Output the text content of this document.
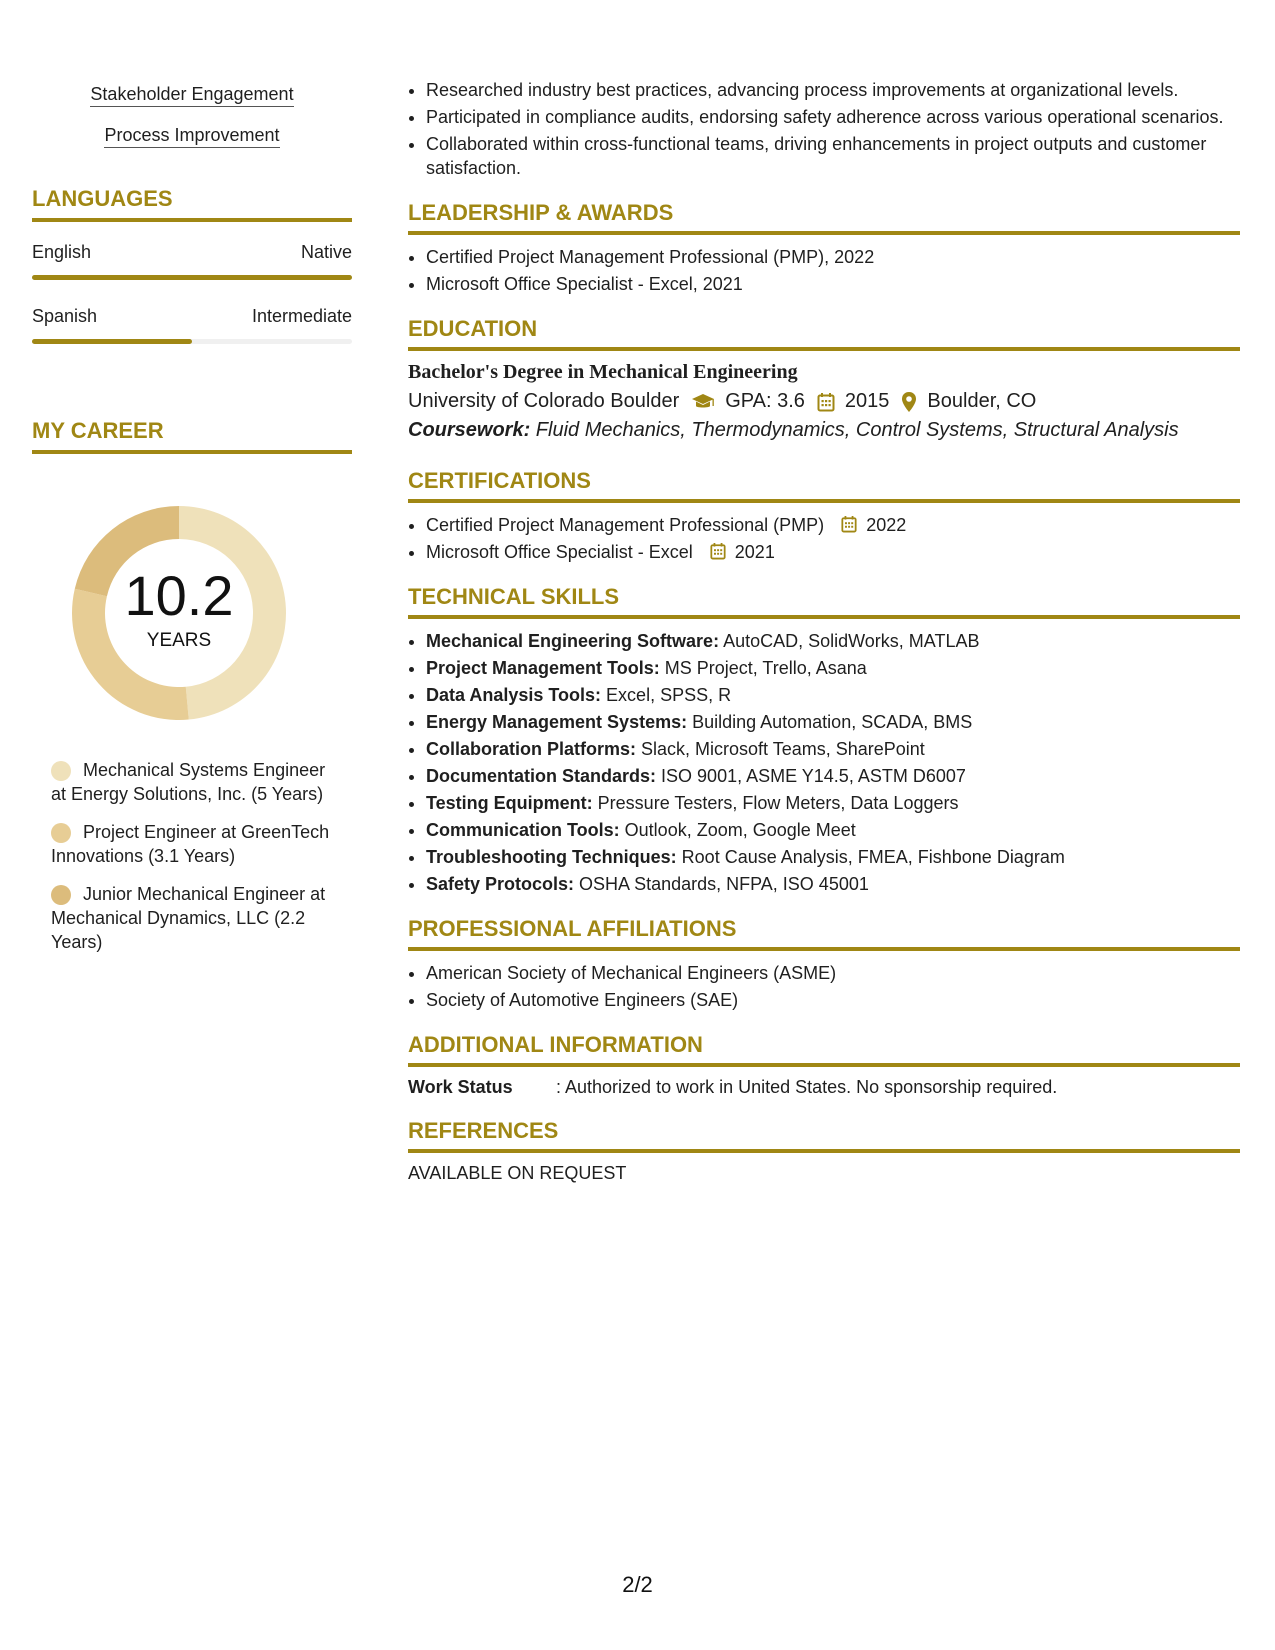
Stakeholder Engagement
Process Improvement
LANGUAGES
English	Native
Spanish	Intermediate
MY CAREER
10.2
YEARS
Mechanical Systems Engineer at Energy Solutions, Inc. (5 Years)
Project Engineer at GreenTech Innovations (3.1 Years)
Junior Mechanical Engineer at Mechanical Dynamics, LLC (2.2 Years)
• Researched industry best practices, advancing process improvements at organizational levels.
• Participated in compliance audits, endorsing safety adherence across various operational scenarios.
• Collaborated within cross-functional teams, driving enhancements in project outputs and customer satisfaction.
LEADERSHIP & AWARDS
• Certified Project Management Professional (PMP), 2022
• Microsoft Office Specialist - Excel, 2021
EDUCATION
Bachelor's Degree in Mechanical Engineering
University of Colorado Boulder GPA: 3.6 2015 Boulder, CO
Coursework: Fluid Mechanics, Thermodynamics, Control Systems, Structural Analysis
CERTIFICATIONS
• Certified Project Management Professional (PMP) 2022
• Microsoft Office Specialist - Excel 2021
TECHNICAL SKILLS
• Mechanical Engineering Software: AutoCAD, SolidWorks, MATLAB
• Project Management Tools: MS Project, Trello, Asana
• Data Analysis Tools: Excel, SPSS, R
• Energy Management Systems: Building Automation, SCADA, BMS
• Collaboration Platforms: Slack, Microsoft Teams, SharePoint
• Documentation Standards: ISO 9001, ASME Y14.5, ASTM D6007
• Testing Equipment: Pressure Testers, Flow Meters, Data Loggers
• Communication Tools: Outlook, Zoom, Google Meet
• Troubleshooting Techniques: Root Cause Analysis, FMEA, Fishbone Diagram
• Safety Protocols: OSHA Standards, NFPA, ISO 45001
PROFESSIONAL AFFILIATIONS
• American Society of Mechanical Engineers (ASME)
• Society of Automotive Engineers (SAE)
ADDITIONAL INFORMATION
Work Status	: Authorized to work in United States. No sponsorship required.
REFERENCES
AVAILABLE ON REQUEST
2/2
